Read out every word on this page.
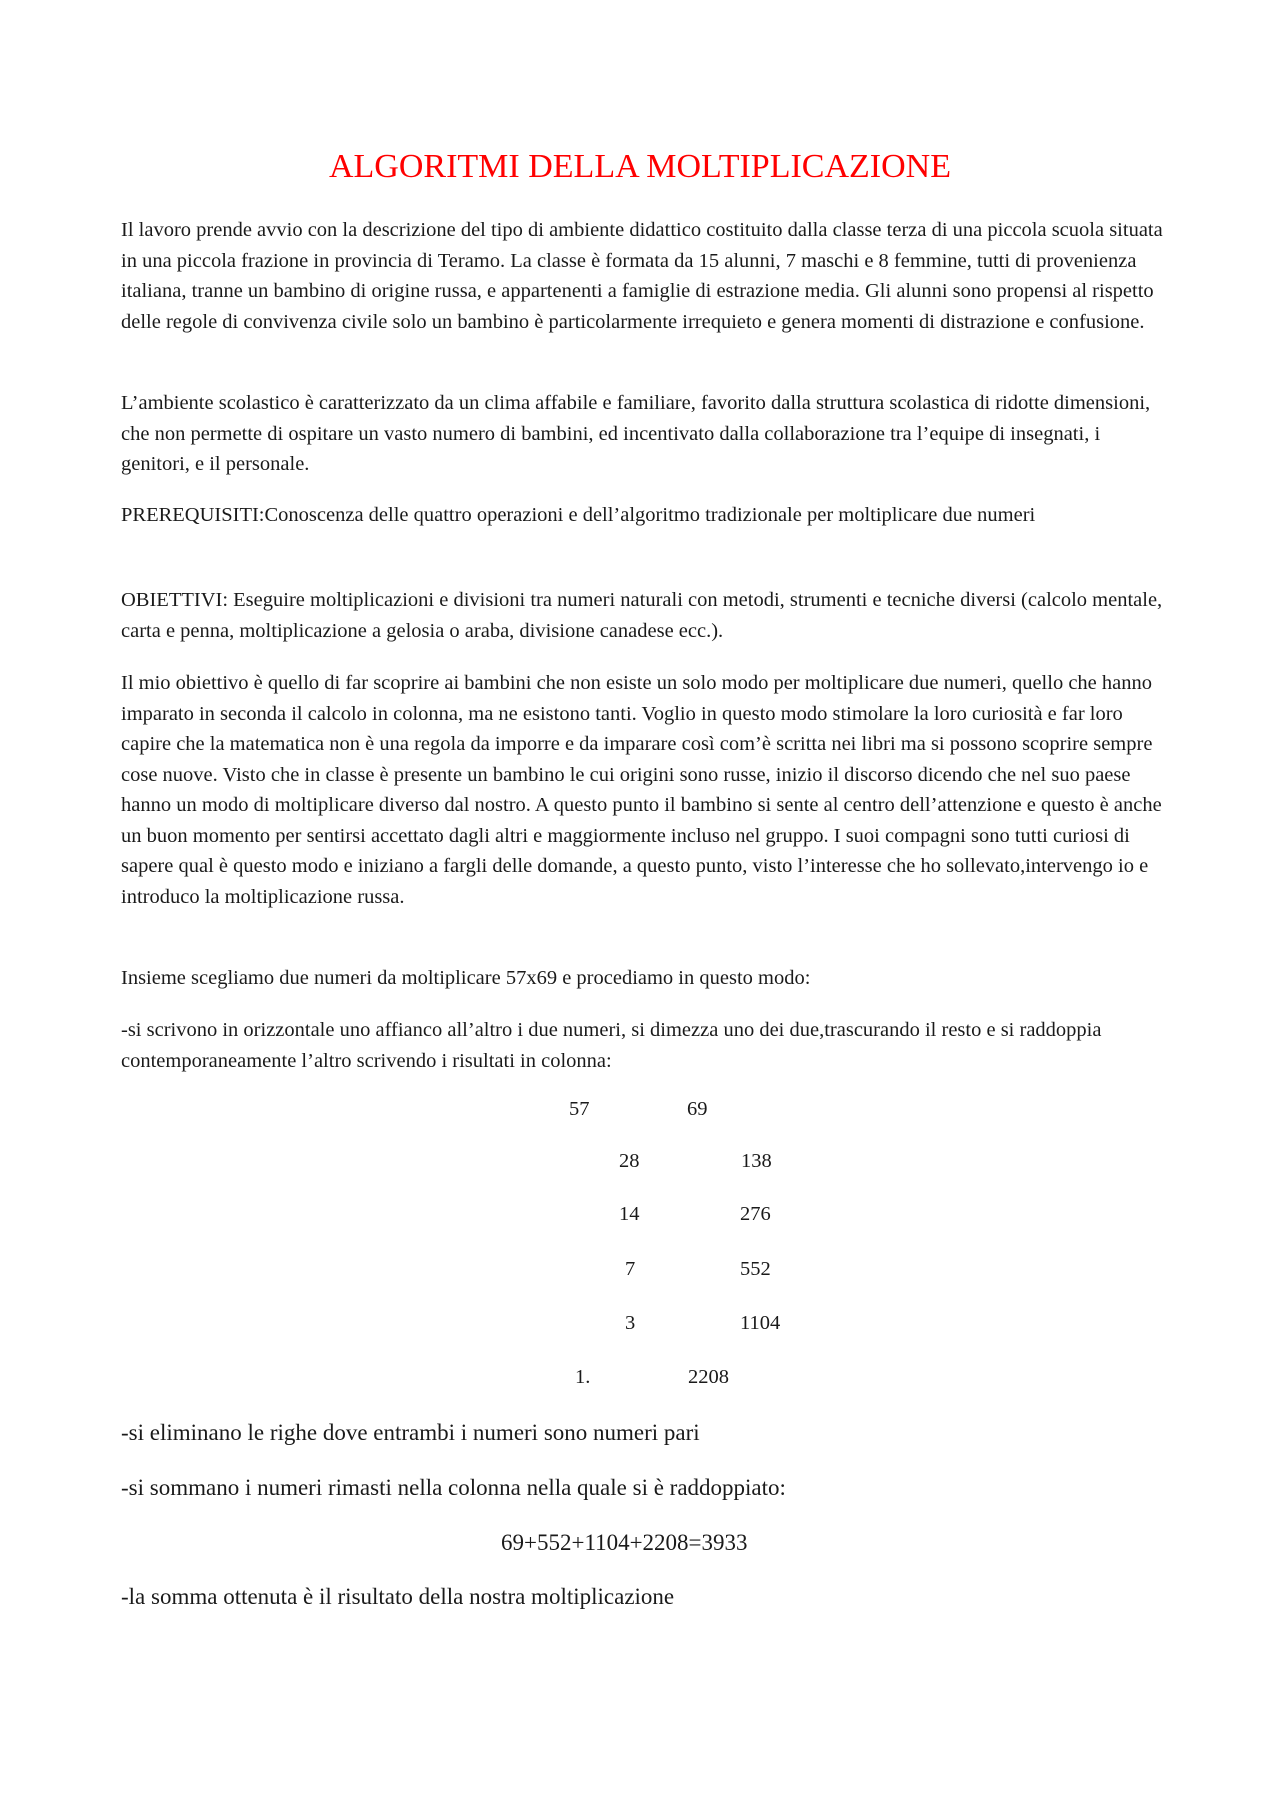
ALGORITMI DELLA MOLTIPLICAZIONE

Il lavoro prende avvio con la descrizione del tipo di ambiente didattico costituito dalla classe terza di una piccola scuola situata in una piccola frazione in provincia di Teramo. La classe è formata da 15 alunni, 7 maschi e 8 femmine, tutti di provenienza italiana, tranne un bambino di origine russa, e appartenenti a famiglie di estrazione media. Gli alunni sono propensi al rispetto delle regole di convivenza civile solo un bambino è particolarmente irrequieto e genera momenti di distrazione e confusione.

L’ambiente scolastico è caratterizzato da un clima affabile e familiare, favorito dalla struttura scolastica di ridotte dimensioni, che non permette di ospitare un vasto numero di bambini, ed incentivato dalla collaborazione tra l’equipe di insegnati, i genitori, e il personale.

PREREQUISITI:Conoscenza delle quattro operazioni e dell’algoritmo tradizionale per moltiplicare due numeri

OBIETTIVI: Eseguire moltiplicazioni e divisioni tra numeri naturali con metodi, strumenti e tecniche diversi (calcolo mentale, carta e penna, moltiplicazione a gelosia o araba, divisione canadese ecc.).

Il mio obiettivo è quello di far scoprire ai bambini che non esiste un solo modo per moltiplicare due numeri, quello che hanno imparato in seconda il calcolo in colonna, ma ne esistono tanti. Voglio in questo modo stimolare la loro curiosità e far loro capire che la matematica non è una regola da imporre e da imparare così com’è scritta nei libri ma si possono scoprire sempre cose nuove. Visto che in classe è presente un bambino le cui origini sono russe, inizio il discorso dicendo che nel suo paese hanno un modo di moltiplicare diverso dal nostro. A questo punto il bambino si sente al centro dell’attenzione e questo è anche un buon momento per sentirsi accettato dagli altri e maggiormente incluso nel gruppo. I suoi compagni sono tutti curiosi di sapere qual è questo modo e iniziano a fargli delle domande, a questo punto, visto l’interesse che ho sollevato,intervengo io e introduco la moltiplicazione russa.

Insieme scegliamo due numeri da moltiplicare 57x69 e procediamo in questo modo:

-si scrivono in orizzontale uno affianco all’altro i due numeri, si dimezza uno dei due,trascurando il resto e si raddoppia contemporaneamente l’altro scrivendo i risultati in colonna:

57	69
28	138
14	276
7	552
3	1104
1.	2208

-si eliminano le righe dove entrambi i numeri sono numeri pari

-si sommano i numeri rimasti nella colonna nella quale si è raddoppiato:

69+552+1104+2208=3933

-la somma ottenuta è il risultato della nostra moltiplicazione
